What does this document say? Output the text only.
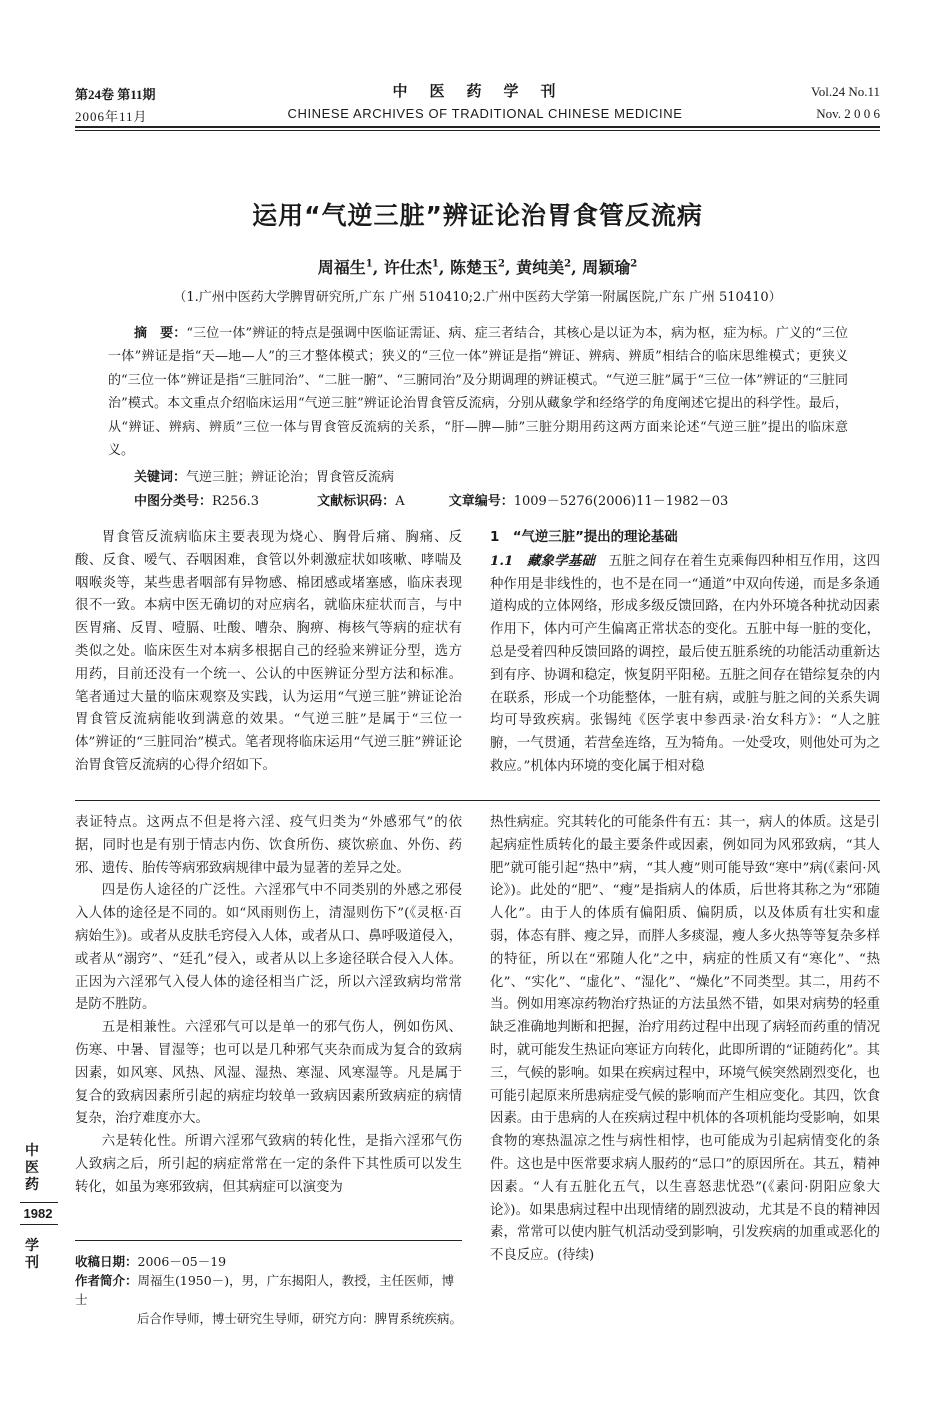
第24卷 第11期
2006年11月
中医药学刊
CHINESE ARCHIVES OF TRADITIONAL CHINESE MEDICINE
Vol.24 No.11
Nov. 2 0 0 6
运用“气逆三脏”辨证论治胃食管反流病
周福生$^1$, 许仕杰$^1$, 陈楚玉$^2$, 黄纯美$^2$, 周颖瑜$^2$
（1.广州中医药大学脾胃研究所,广东 广州 510410;2.广州中医药大学第一附属医院,广东 广州 510410）
摘　要：“三位一体”辨证的特点是强调中医临证需证、病、症三者结合，其核心是以证为本，病为枢，症为标。广义的“三位一体”辨证是指“天—地—人”的三才整体模式；狭义的“三位一体”辨证是指“辨证、辨病、辨质”相结合的临床思维模式；更狭义的“三位一体”辨证是指“三脏同治”、“二脏一腑”、“三腑同治”及分期调理的辨证模式。“气逆三脏”属于“三位一体”辨证的“三脏同治”模式。本文重点介绍临床运用“气逆三脏”辨证论治胃食管反流病，分别从藏象学和经络学的角度阐述它提出的科学性。最后，从“辨证、辨病、辨质”三位一体与胃食管反流病的关系，“肝—脾—肺”三脏分期用药这两方面来论述“气逆三脏”提出的临床意义。
关键词：气逆三脏；辨证论治；胃食管反流病
中图分类号：R256.3	文献标识码：A	文章编号：1009－5276(2006)11－1982－03

胃食管反流病临床主要表现为烧心、胸骨后痛、胸痛、反酸、反食、嗳气、吞咽困难，食管以外刺激症状如咳嗽、哮喘及咽喉炎等，某些患者咽部有异物感、棉团感或堵塞感，临床表现很不一致。本病中医无确切的对应病名，就临床症状而言，与中医胃痛、反胃、噎膈、吐酸、嘈杂、胸痹、梅核气等病的症状有类似之处。临床医生对本病多根据自己的经验来辨证分型，选方用药，目前还没有一个统一、公认的中医辨证分型方法和标准。笔者通过大量的临床观察及实践，认为运用“气逆三脏”辨证论治胃食管反流病能收到满意的效果。“气逆三脏”是属于“三位一体”辨证的“三脏同治”模式。笔者现将临床运用“气逆三脏”辨证论治胃食管反流病的心得介绍如下。

1　“气逆三脏”提出的理论基础

1.1　藏象学基础　 五脏之间存在着生克乘侮四种相互作用，这四种作用是非线性的，也不是在同一“通道”中双向传递，而是多条通道构成的立体网络，形成多级反馈回路，在内外环境各种扰动因素作用下，体内可产生偏离正常状态的变化。五脏中每一脏的变化，总是受着四种反馈回路的调控，最后使五脏系统的功能活动重新达到有序、协调和稳定，恢复阴平阳秘。五脏之间存在错综复杂的内在联系，形成一个功能整体，一脏有病，或脏与脏之间的关系失调均可导致疾病。张锡纯《医学衷中参西录·治女科方》：“人之脏腑，一气贯通，若营垒连络，互为犄角。一处受攻，则他处可为之救应。”机体内环境的变化属于相对稳

表证特点。这两点不但是将六淫、疫气归类为“外感邪气”的依据，同时也是有别于情志内伤、饮食所伤、痰饮瘀血、外伤、药邪、遗传、胎传等病邪致病规律中最为显著的差异之处。

四是伤人途径的广泛性。六淫邪气中不同类别的外感之邪侵入人体的途径是不同的。如“风雨则伤上，清湿则伤下”(《灵枢·百病始生》)。或者从皮肤毛窍侵入人体，或者从口、鼻呼吸道侵入，或者从“溺窍”、“廷孔”侵入，或者从以上多途径联合侵入人体。正因为六淫邪气入侵人体的途径相当广泛，所以六淫致病均常常是防不胜防。

五是相兼性。六淫邪气可以是单一的邪气伤人，例如伤风、伤寒、中暑、冒湿等；也可以是几种邪气夹杂而成为复合的致病因素，如风寒、风热、风湿、湿热、寒湿、风寒湿等。凡是属于复合的致病因素所引起的病症均较单一致病因素所致病症的病情复杂，治疗难度亦大。

六是转化性。所谓六淫邪气致病的转化性，是指六淫邪气伤人致病之后，所引起的病症常常在一定的条件下其性质可以发生转化，如虽为寒邪致病，但其病症可以演变为

热性病症。究其转化的可能条件有五：其一，病人的体质。这是引起病症性质转化的最主要条件或因素，例如同为风邪致病，“其人肥”就可能引起“热中”病，“其人瘦”则可能导致“寒中”病(《素问·风论》)。此处的“肥”、“瘦”是指病人的体质，后世将其称之为“邪随人化”。由于人的体质有偏阳质、偏阴质，以及体质有壮实和虚弱，体态有胖、瘦之异，而胖人多痰湿，瘦人多火热等等复杂多样的特征，所以在“邪随人化”之中，病症的性质又有“寒化”、“热化”、“实化”、“虚化”、“湿化”、“燥化”不同类型。其二，用药不当。例如用寒凉药物治疗热证的方法虽然不错，如果对病势的轻重缺乏准确地判断和把握，治疗用药过程中出现了病轻而药重的情况时，就可能发生热证向寒证方向转化，此即所谓的“证随药化”。其三，气候的影响。如果在疾病过程中，环境气候突然剧烈变化，也可能引起原来所患病症受气候的影响而产生相应变化。其四，饮食因素。由于患病的人在疾病过程中机体的各项机能均受影响，如果食物的寒热温凉之性与病性相悖，也可能成为引起病情变化的条件。这也是中医常要求病人服药的“忌口”的原因所在。其五，精神因素。“人有五脏化五气，以生喜怒悲忧恐”(《素问·阴阳应象大论》)。如果患病过程中出现情绪的剧烈波动，尤其是不良的精神因素，常常可以使内脏气机活动受到影响，引发疾病的加重或恶化的不良反应。(待续)

中医药
1982
学刊	收稿日期：2006－05－19
作者简介：周福生(1950－)，男，广东揭阳人，教授，主任医师，博士
后合作导师，博士研究生导师，研究方向：脾胃系统疾病。
